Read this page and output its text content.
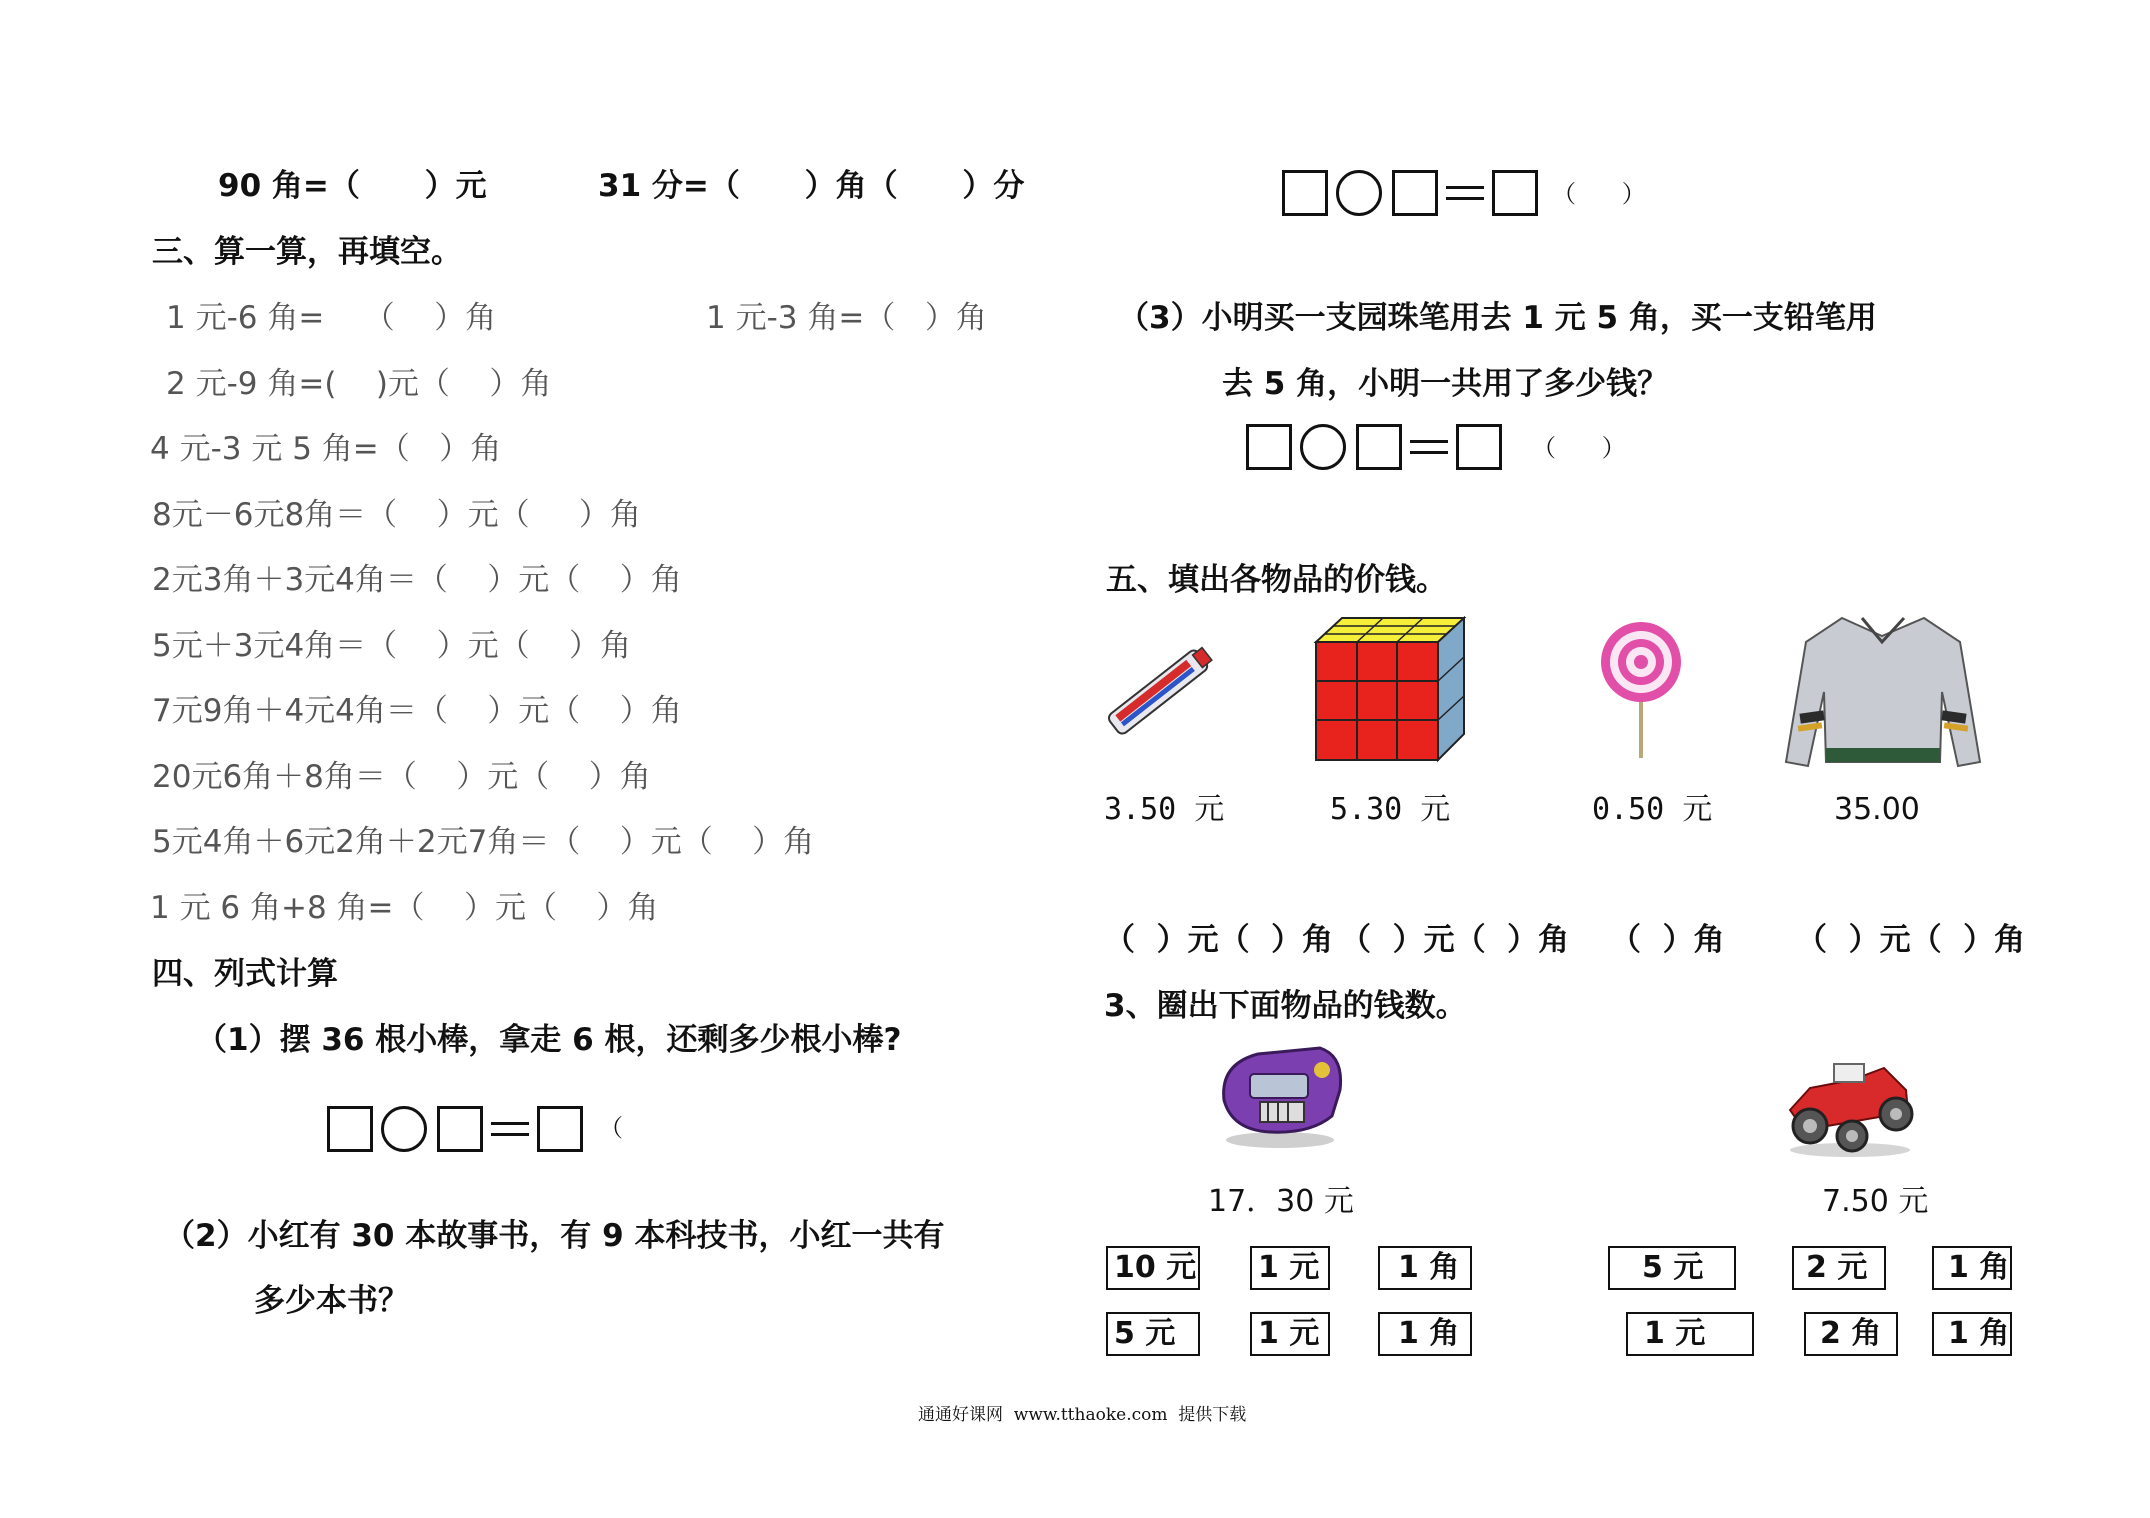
90 角=（      ）元	31 分=（      ）角（      ）分
三、算一算，再填空。
1 元-6 角=    （    ）角	1 元-3 角=（   ）角
2 元-9 角=(    )元（    ）角
4 元-3 元 5 角=（   ）角
8元－6元8角＝（    ）元（     ）角
2元3角＋3元4角＝（    ）元（    ）角
5元＋3元4角＝（    ）元（    ）角
7元9角＋4元4角＝（    ）元（    ）角
20元6角＋8角＝（    ）元（    ）角
5元4角＋6元2角＋2元7角＝（    ）元（    ）角
1 元 6 角+8 角=（    ）元（    ）角
四、列式计算
（1）摆 36 根小棒，拿走 6 根，还剩多少根小棒?
（
（2）小红有 30 本故事书，有 9 本科技书，小红一共有
多少本书？
（      ）
（3）小明买一支园珠笔用去 1 元 5 角，买一支铅笔用
去 5 角，小明一共用了多少钱？
（      ）
五、填出各物品的价钱。
3.50 元	5.30 元	0.50 元	35.00
（  ）元（  ）角 （  ）元（  ）角 （  ）角 （  ）元（  ）角
3、圈出下面物品的钱数。
17．30 元	7.50 元
10 元 1 元	1 角
5 元	1 元	1 角
5 元	2 元	1 角
1 元	2 角	1 角
通通好课网  www.tthaoke.com  提供下载
